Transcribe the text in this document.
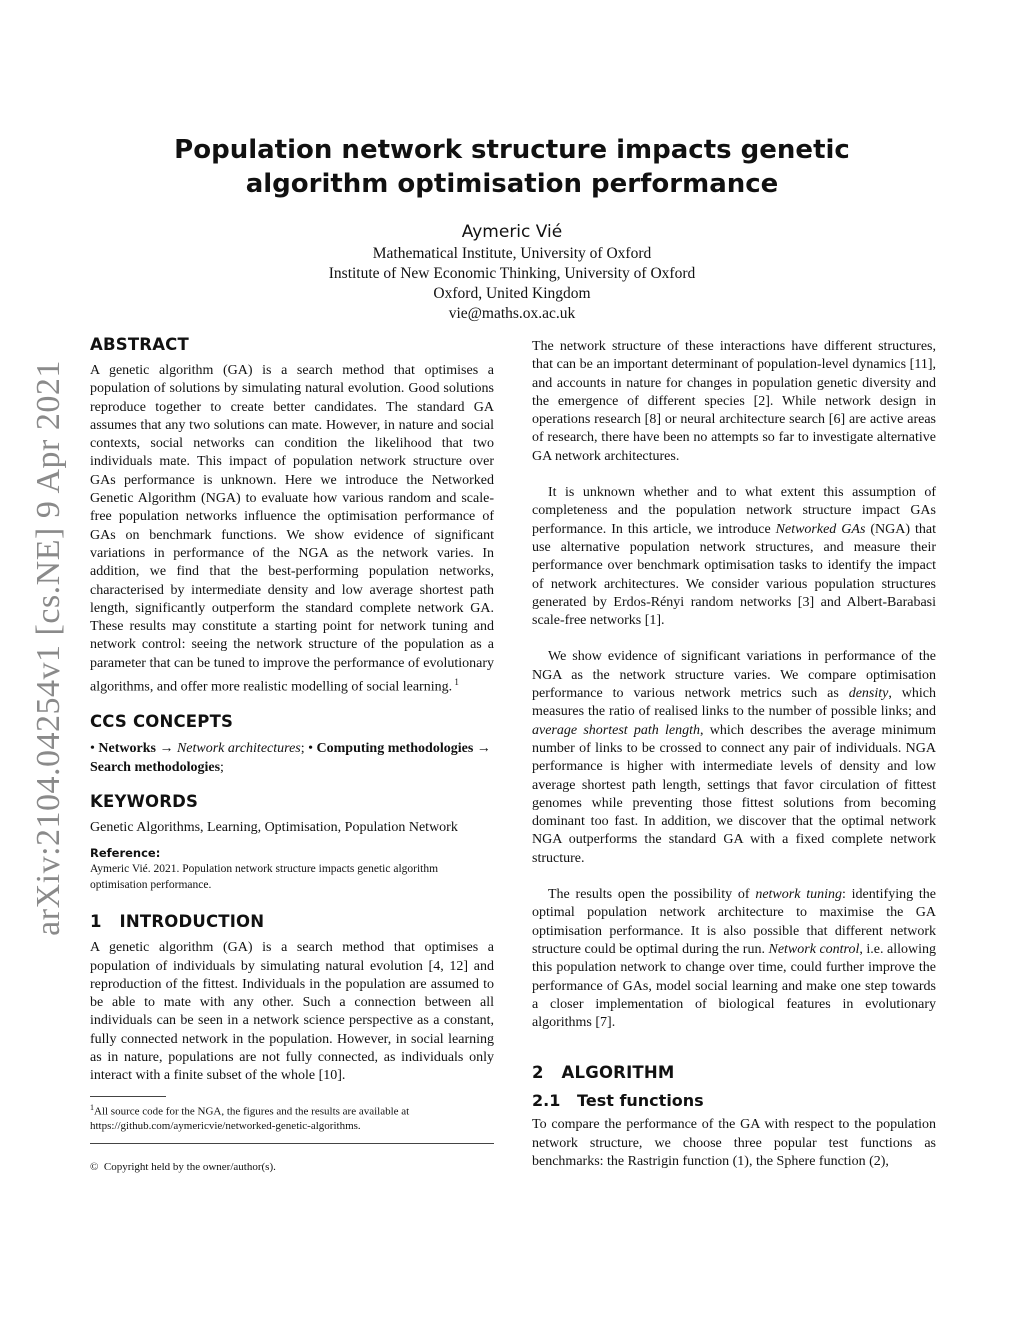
arXiv:2104.04254v1 [cs.NE] 9 Apr 2021
Population network structure impacts genetic algorithm optimisation performance
Aymeric Vié
Mathematical Institute, University of Oxford
Institute of New Economic Thinking, University of Oxford
Oxford, United Kingdom
vie@maths.ox.ac.uk
ABSTRACT

A genetic algorithm (GA) is a search method that optimises a population of solutions by simulating natural evolution. Good solutions reproduce together to create better candidates. The standard GA assumes that any two solutions can mate. However, in nature and social contexts, social networks can condition the likelihood that two individuals mate. This impact of population network structure over GAs performance is unknown. Here we introduce the Networked Genetic Algorithm (NGA) to evaluate how various random and scale-free population networks influence the optimisation performance of GAs on benchmark functions. We show evidence of significant variations in performance of the NGA as the network varies. In addition, we find that the best-performing population networks, characterised by intermediate density and low average shortest path length, significantly outperform the standard complete network GA. These results may constitute a starting point for network tuning and network control: seeing the network structure of the population as a parameter that can be tuned to improve the performance of evolutionary algorithms, and offer more realistic modelling of social learning. $^1$

CCS CONCEPTS
• Networks → Network architectures; • Computing methodologies → Search methodologies;
KEYWORDS

Genetic Algorithms, Learning, Optimisation, Population Network

Reference:

Aymeric Vié. 2021. Population network structure impacts genetic algorithm optimisation performance.

1   INTRODUCTION

A genetic algorithm (GA) is a search method that optimises a population of individuals by simulating natural evolution [4, 12] and reproduction of the fittest. Individuals in the population are assumed to be able to mate with any other. Such a connection between all individuals can be seen in a network science perspective as a constant, fully connected network in the population. However, in social learning as in nature, populations are not fully connected, as individuals only interact with a finite subset of the whole [10].

$^1$All source code for the NGA, the figures and the results are available at https://github.com/aymericvie/networked-genetic-algorithms.

©  Copyright held by the owner/author(s).

The network structure of these interactions have different structures, that can be an important determinant of population-level dynamics [11], and accounts in nature for changes in population genetic diversity and the emergence of different species [2]. While network design in operations research [8] or neural architecture search [6] are active areas of research, there have been no attempts so far to investigate alternative GA network architectures.

It is unknown whether and to what extent this assumption of completeness and the population network structure impact GAs performance. In this article, we introduce Networked GAs (NGA) that use alternative population network structures, and measure their performance over benchmark optimisation tasks to identify the impact of network architectures. We consider various population structures generated by Erdos-Rényi random networks [3] and Albert-Barabasi scale-free networks [1].

We show evidence of significant variations in performance of the NGA as the network structure varies. We compare optimisation performance to various network metrics such as density, which measures the ratio of realised links to the number of possible links; and average shortest path length, which describes the average minimum number of links to be crossed to connect any pair of individuals. NGA performance is higher with intermediate levels of density and low average shortest path length, settings that favor circulation of fittest genomes while preventing those fittest solutions from becoming dominant too fast. In addition, we discover that the optimal network NGA outperforms the standard GA with a fixed complete network structure.

The results open the possibility of network tuning: identifying the optimal population network architecture to maximise the GA optimisation performance. It is also possible that different network structure could be optimal during the run. Network control, i.e. allowing this population network to change over time, could further improve the performance of GAs, model social learning and make one step towards a closer implementation of biological features in evolutionary algorithms [7].

2   ALGORITHM
2.1   Test functions

To compare the performance of the GA with respect to the population network structure, we choose three popular test functions as benchmarks: the Rastrigin function (1), the Sphere function (2),
